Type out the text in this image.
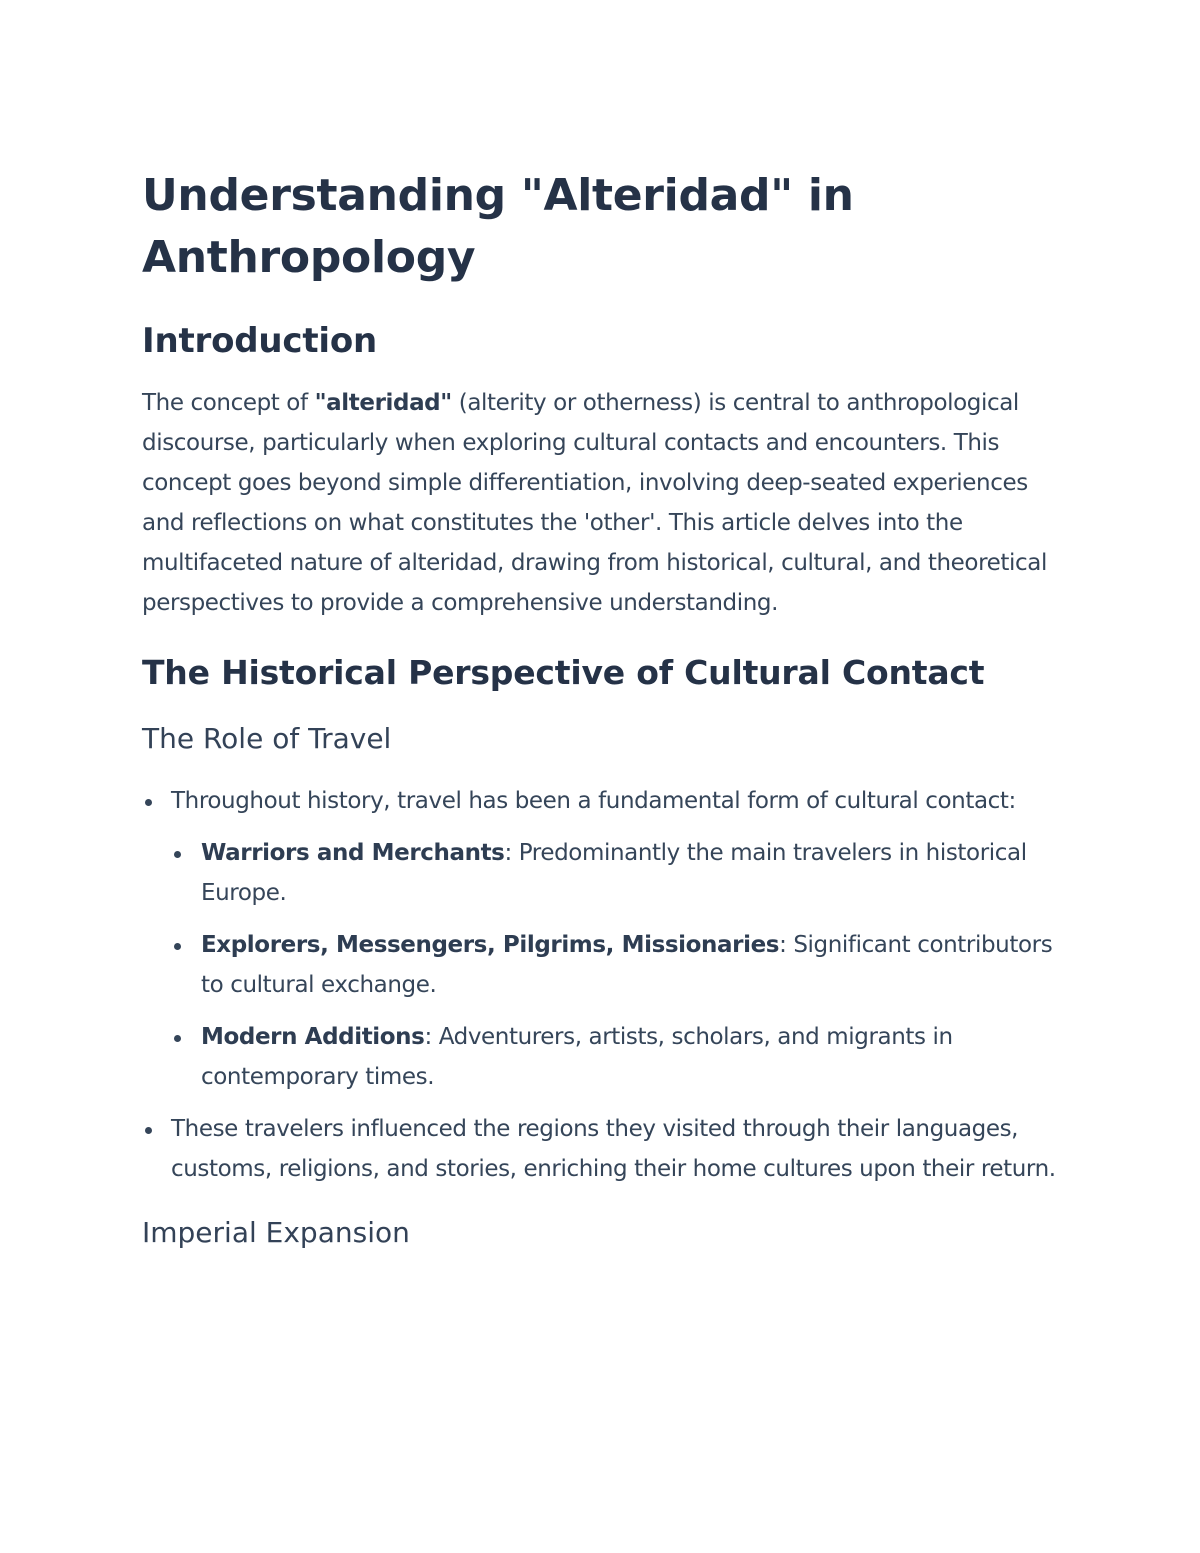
Understanding "Alteridad" in Anthropology
Introduction

The concept of "alteridad" (alterity or otherness) is central to anthropological discourse, particularly when exploring cultural contacts and encounters. This concept goes beyond simple differentiation, involving deep-seated experiences and reflections on what constitutes the 'other'. This article delves into the multifaceted nature of alteridad, drawing from historical, cultural, and theoretical perspectives to provide a comprehensive understanding.

The Historical Perspective of Cultural Contact
The Role of Travel
Throughout history, travel has been a fundamental form of cultural contact:
Warriors and Merchants: Predominantly the main travelers in historical Europe.
Explorers, Messengers, Pilgrims, Missionaries: Significant contributors to cultural exchange.
Modern Additions: Adventurers, artists, scholars, and migrants in contemporary times.
These travelers influenced the regions they visited through their languages, customs, religions, and stories, enriching their home cultures upon their return.
Imperial Expansion
